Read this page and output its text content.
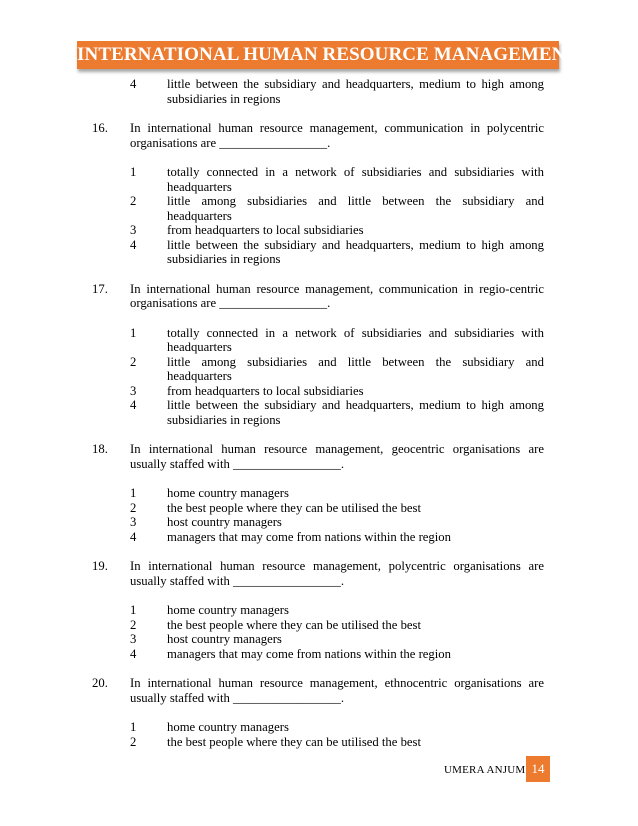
INTERNATIONAL HUMAN RESOURCE MANAGEMENT
4	little between the subsidiary and headquarters, medium to high among subsidiaries in regions
16.	In international human resource management, communication in polycentric organisations are _________________.
1	totally connected in a network of subsidiaries and subsidiaries with headquarters
2	little among subsidiaries and little between the subsidiary and headquarters
3	from headquarters to local subsidiaries
4	little between the subsidiary and headquarters, medium to high among subsidiaries in regions
17.	In international human resource management, communication in regio-centric organisations are _________________.
1	totally connected in a network of subsidiaries and subsidiaries with headquarters
2	little among subsidiaries and little between the subsidiary and headquarters
3	from headquarters to local subsidiaries
4	little between the subsidiary and headquarters, medium to high among subsidiaries in regions
18.	In international human resource management, geocentric organisations are usually staffed with _________________.
1	home country managers
2	the best people where they can be utilised the best
3	host country managers
4	managers that may come from nations within the region
19.	In international human resource management, polycentric organisations are usually staffed with _________________.
1	home country managers
2	the best people where they can be utilised the best
3	host country managers
4	managers that may come from nations within the region
20.	In international human resource management, ethnocentric organisations are usually staffed with _________________.
1	home country managers
2	the best people where they can be utilised the best
UMERA ANJUM 14
